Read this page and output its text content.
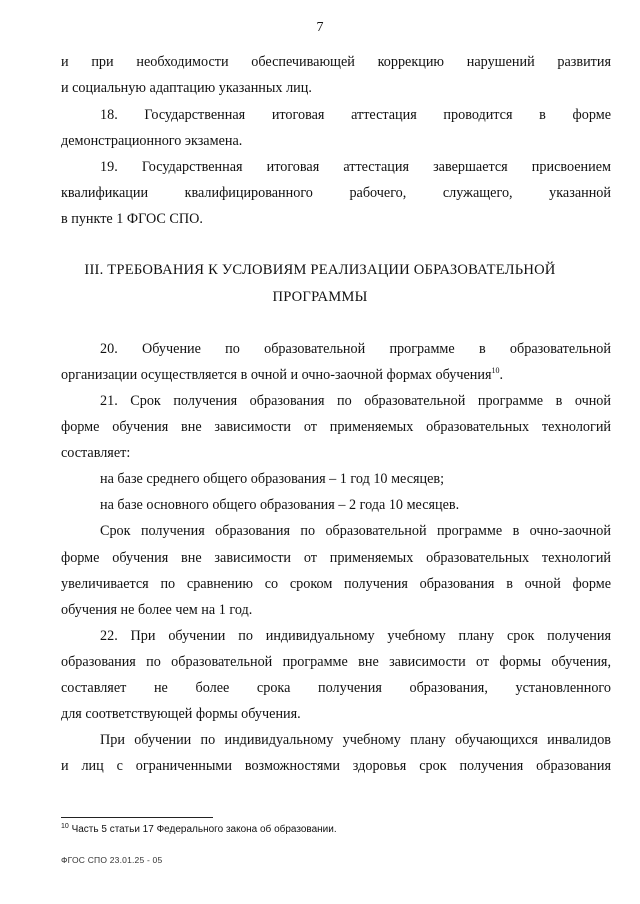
7
и при необходимости обеспечивающей коррекцию нарушений развития
и социальную адаптацию указанных лиц.
18. Государственная итоговая аттестация проводится в форме
демонстрационного экзамена.
19. Государственная итоговая аттестация завершается присвоением
квалификации квалифицированного рабочего, служащего, указанной
в пункте 1 ФГОС СПО.
III. ТРЕБОВАНИЯ К УСЛОВИЯМ РЕАЛИЗАЦИИ ОБРАЗОВАТЕЛЬНОЙ
ПРОГРАММЫ
20. Обучение по образовательной программе в образовательной
организации осуществляется в очной и очно-заочной формах обучения$^{10}$.
21. Срок получения образования по образовательной программе в очной
форме обучения вне зависимости от применяемых образовательных технологий
составляет:
на базе среднего общего образования – 1 год 10 месяцев;
на базе основного общего образования – 2 года 10 месяцев.
Срок получения образования по образовательной программе в очно-заочной
форме обучения вне зависимости от применяемых образовательных технологий
увеличивается по сравнению со сроком получения образования в очной форме
обучения не более чем на 1 год.
22. При обучении по индивидуальному учебному плану срок получения
образования по образовательной программе вне зависимости от формы обучения,
составляет не более срока получения образования, установленного
для соответствующей формы обучения.
При обучении по индивидуальному учебному плану обучающихся инвалидов
и лиц с ограниченными возможностями здоровья срок получения образования
$^{10}$ Часть 5 статьи 17 Федерального закона об образовании.
ФГОС СПО 23.01.25 - 05
